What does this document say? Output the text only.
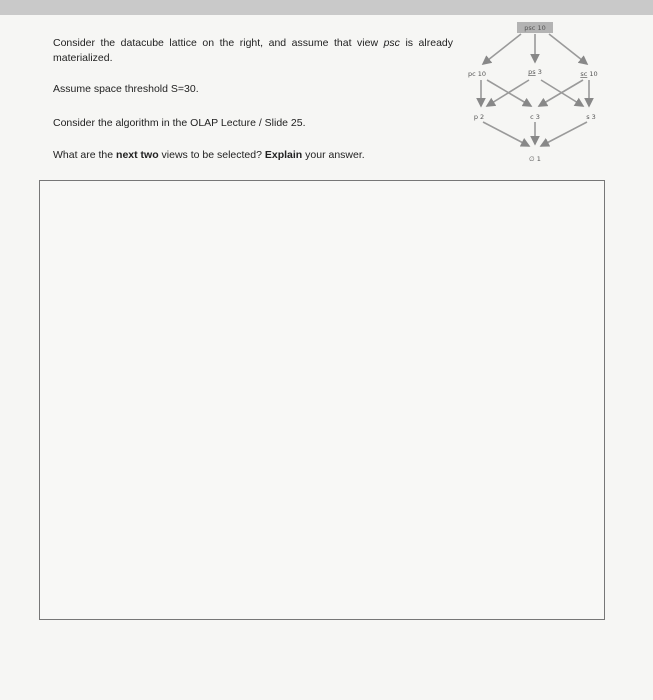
Consider the datacube lattice on the right, and assume that view psc is already materialized.
Assume space threshold S=30.
Consider the algorithm in the OLAP Lecture / Slide 25.
What are the next two views to be selected? Explain your answer.
psc 10
pc 10	ps 3	sc 10
p 2	c 3	s 3
∅ 1
